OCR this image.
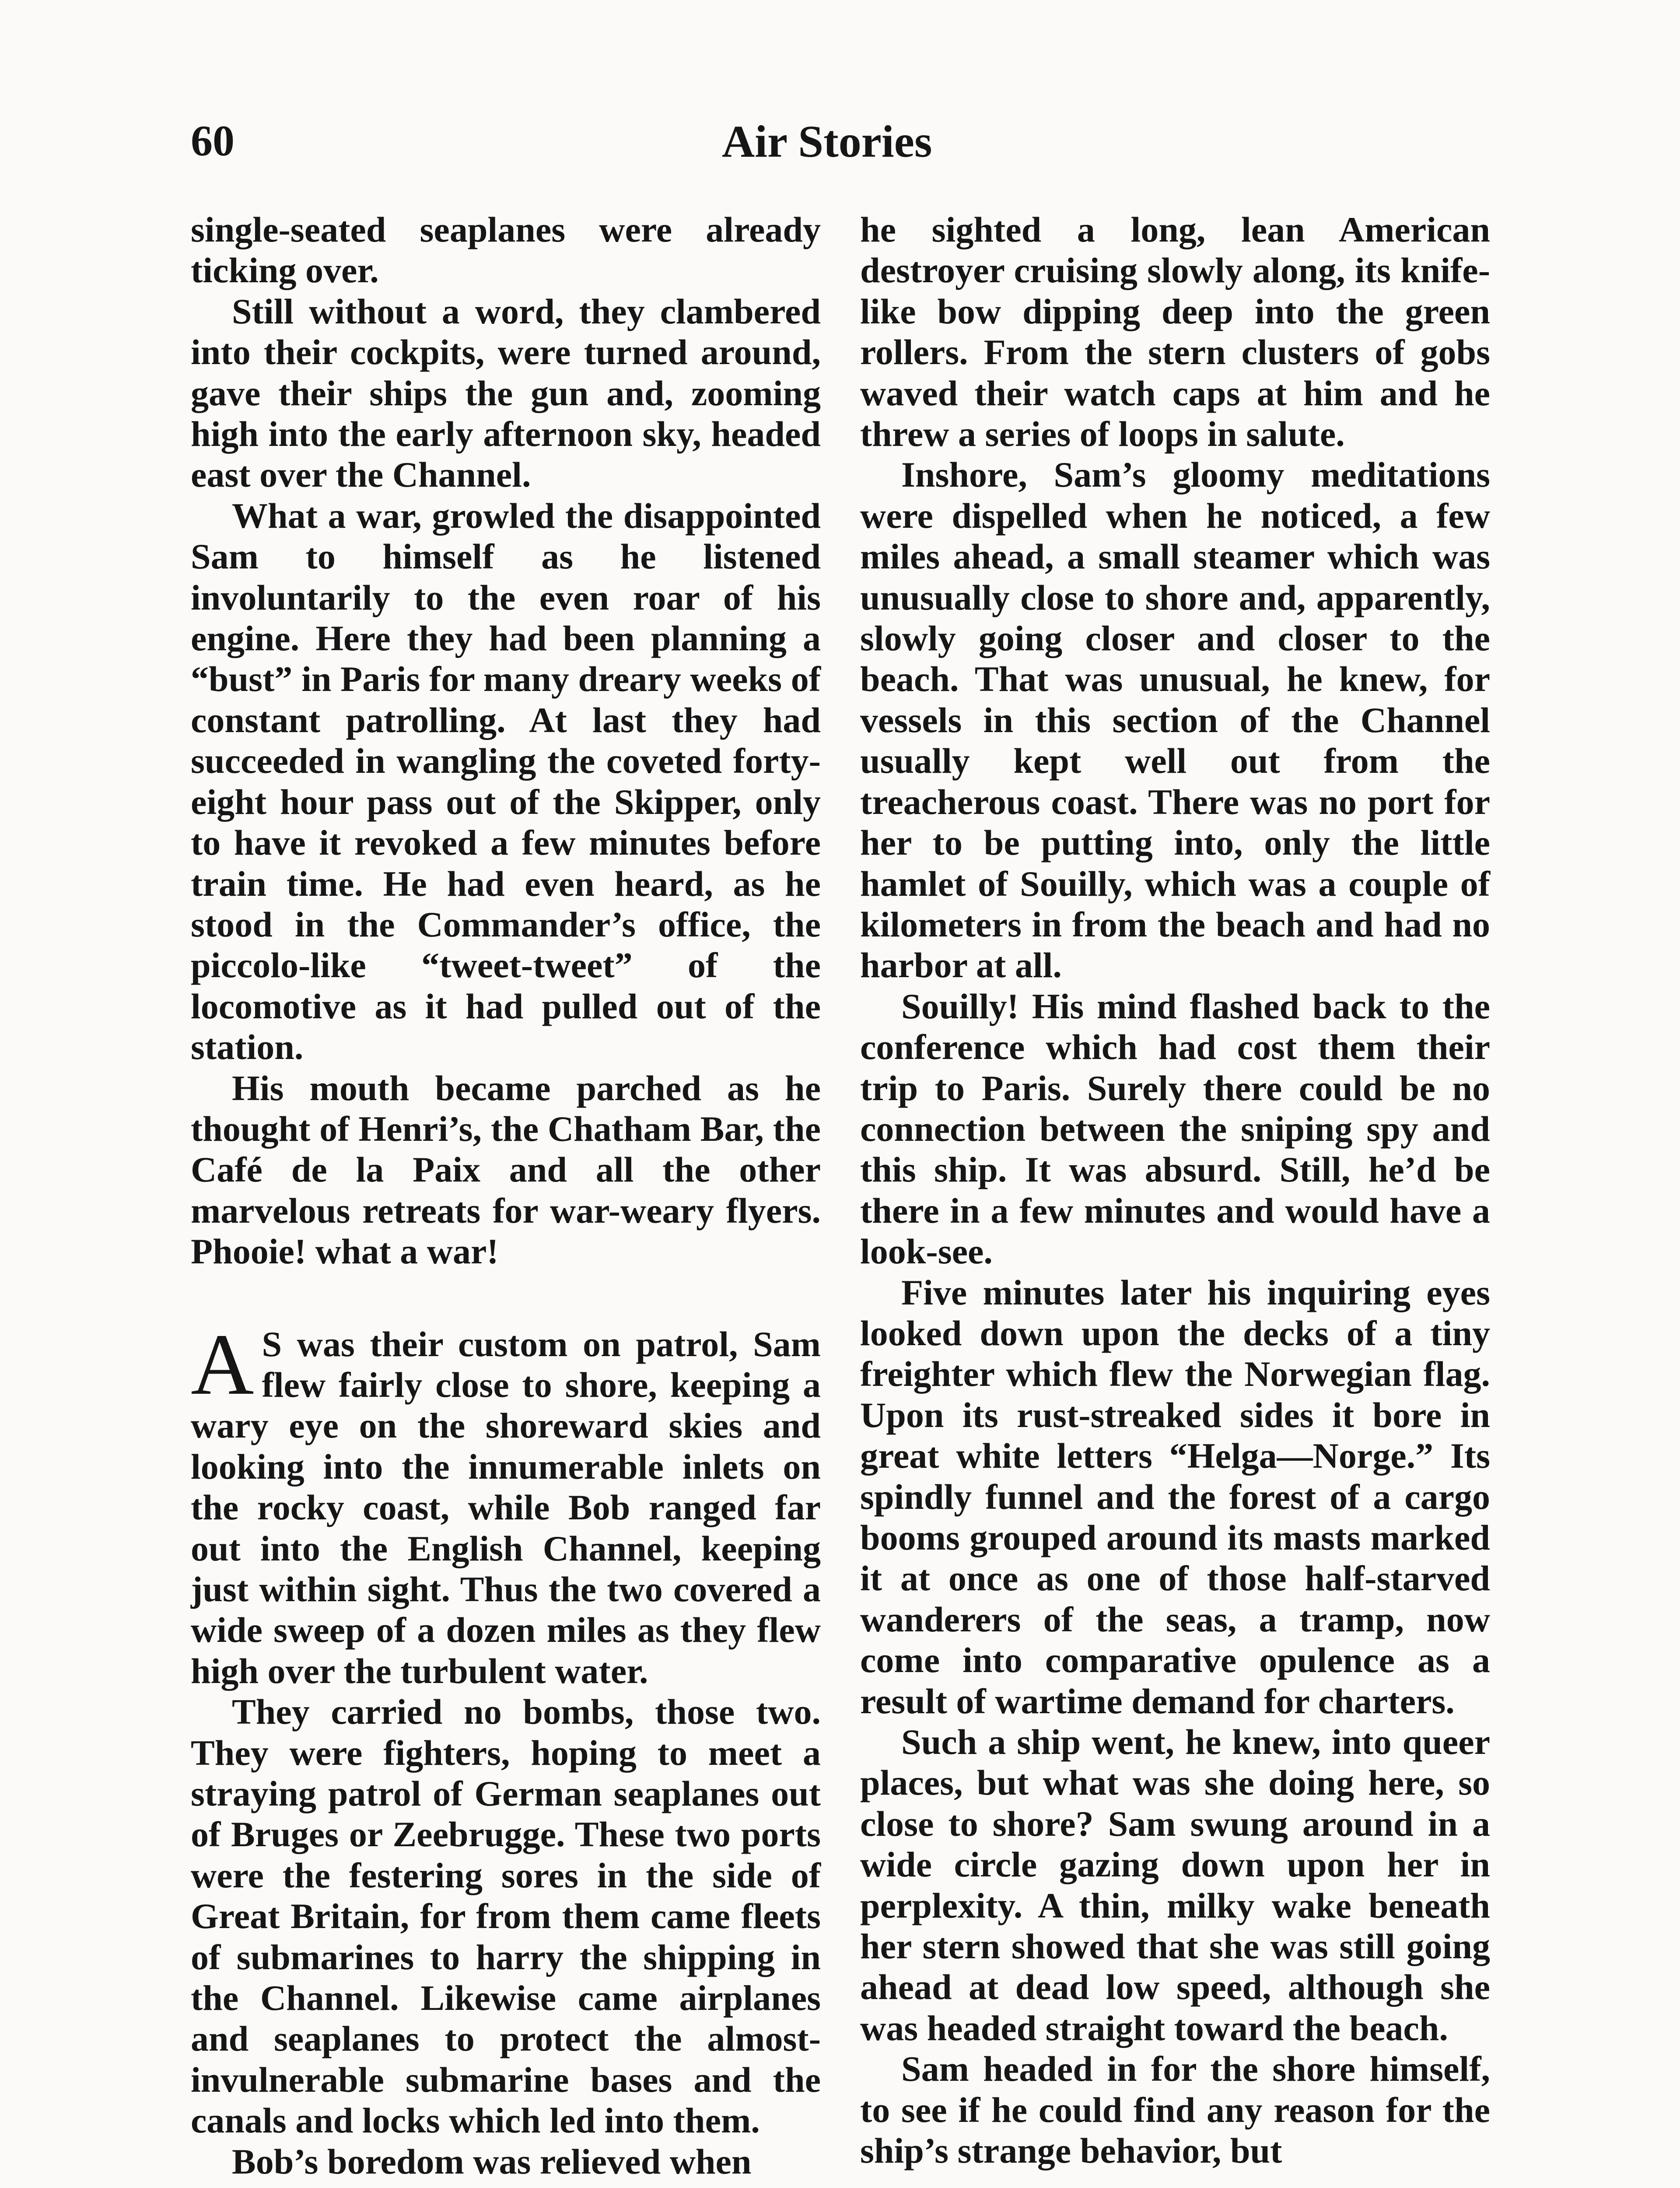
60	Air Stories

single-seated seaplanes were already ticking over.

Still without a word, they clambered into their cockpits, were turned around, gave their ships the gun and, zooming high into the early afternoon sky, headed east over the Channel.

What a war, growled the disappointed Sam to himself as he listened involuntarily to the even roar of his engine. Here they had been planning a “bust” in Paris for many dreary weeks of constant patrolling. At last they had succeeded in wangling the coveted forty-eight hour pass out of the Skipper, only to have it revoked a few minutes before train time. He had even heard, as he stood in the Commander’s office, the piccolo-like “tweet-tweet” of the locomotive as it had pulled out of the station.

His mouth became parched as he thought of Henri’s, the Chatham Bar, the Café de la Paix and all the other marvelous retreats for war-weary flyers. Phooie! what a war!

A S was their custom on patrol, Sam flew fairly close to shore, keeping a wary eye on the shoreward skies and looking into the innumerable inlets on the rocky coast, while Bob ranged far out into the English Channel, keeping just within sight. Thus the two covered a wide sweep of a dozen miles as they flew high over the turbulent water.

They carried no bombs, those two. They were fighters, hoping to meet a straying patrol of German seaplanes out of Bruges or Zeebrugge. These two ports were the festering sores in the side of Great Britain, for from them came fleets of submarines to harry the shipping in the Channel. Likewise came airplanes and seaplanes to protect the almost-invulnerable submarine bases and the canals and locks which led into them.

Bob’s boredom was relieved when

he sighted a long, lean American destroyer cruising slowly along, its knife-like bow dipping deep into the green rollers. From the stern clusters of gobs waved their watch caps at him and he threw a series of loops in salute.

Inshore, Sam’s gloomy meditations were dispelled when he noticed, a few miles ahead, a small steamer which was unusually close to shore and, apparently, slowly going closer and closer to the beach. That was unusual, he knew, for vessels in this section of the Channel usually kept well out from the treacherous coast. There was no port for her to be putting into, only the little hamlet of Souilly, which was a couple of kilometers in from the beach and had no harbor at all.

Souilly! His mind flashed back to the conference which had cost them their trip to Paris. Surely there could be no connection between the sniping spy and this ship. It was absurd. Still, he’d be there in a few minutes and would have a look-see.

Five minutes later his inquiring eyes looked down upon the decks of a tiny freighter which flew the Norwegian flag. Upon its rust-streaked sides it bore in great white letters “Helga—Norge.” Its spindly funnel and the forest of a cargo booms grouped around its masts marked it at once as one of those half-starved wanderers of the seas, a tramp, now come into comparative opulence as a result of wartime demand for charters.

Such a ship went, he knew, into queer places, but what was she doing here, so close to shore? Sam swung around in a wide circle gazing down upon her in perplexity. A thin, milky wake beneath her stern showed that she was still going ahead at dead low speed, although she was headed straight toward the beach.

Sam headed in for the shore himself, to see if he could find any reason for the ship’s strange behavior, but
